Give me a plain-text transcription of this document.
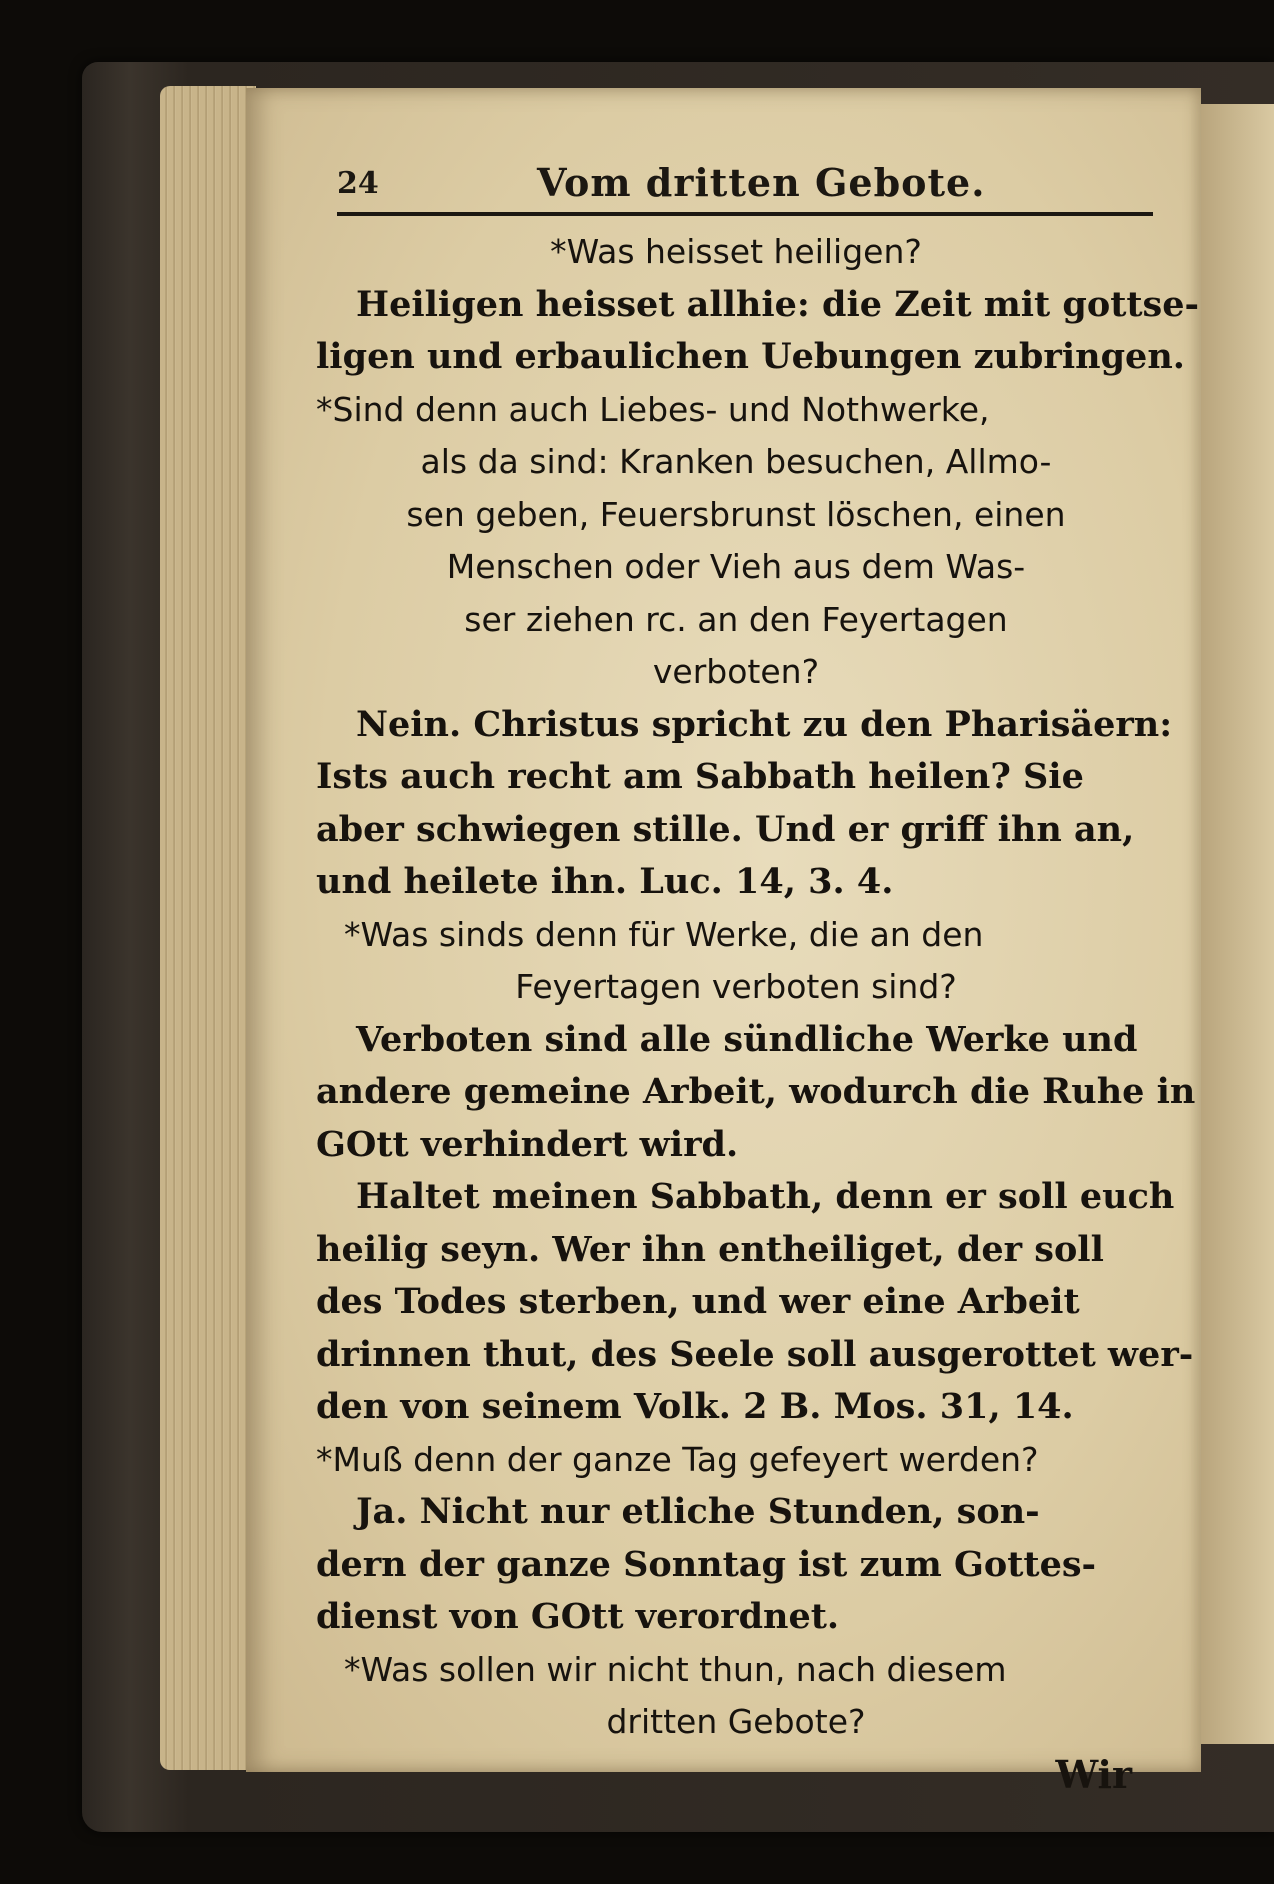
24	Vom dritten Gebote.
*Was heisset heiligen?
Heiligen heisset allhie: die Zeit mit gottse-
ligen und erbaulichen Uebungen zubringen.
*Sind denn auch Liebes- und Nothwerke,
als da sind: Kranken besuchen, Allmo-
sen geben, Feuersbrunst löschen, einen
Menschen oder Vieh aus dem Was-
ser ziehen rc. an den Feyertagen
verboten?
Nein. Christus spricht zu den Pharisäern:
Ists auch recht am Sabbath heilen? Sie
aber schwiegen stille. Und er griff ihn an,
und heilete ihn. Luc. 14, 3. 4.
*Was sinds denn für Werke, die an den
Feyertagen verboten sind?
Verboten sind alle sündliche Werke und
andere gemeine Arbeit, wodurch die Ruhe in
GOtt verhindert wird.
Haltet meinen Sabbath, denn er soll euch
heilig seyn. Wer ihn entheiliget, der soll
des Todes sterben, und wer eine Arbeit
drinnen thut, des Seele soll ausgerottet wer-
den von seinem Volk. 2 B. Mos. 31, 14.
*Muß denn der ganze Tag gefeyert werden?
Ja. Nicht nur etliche Stunden, son-
dern der ganze Sonntag ist zum Gottes-
dienst von GOtt verordnet.
*Was sollen wir nicht thun, nach diesem
dritten Gebote?
Wir
